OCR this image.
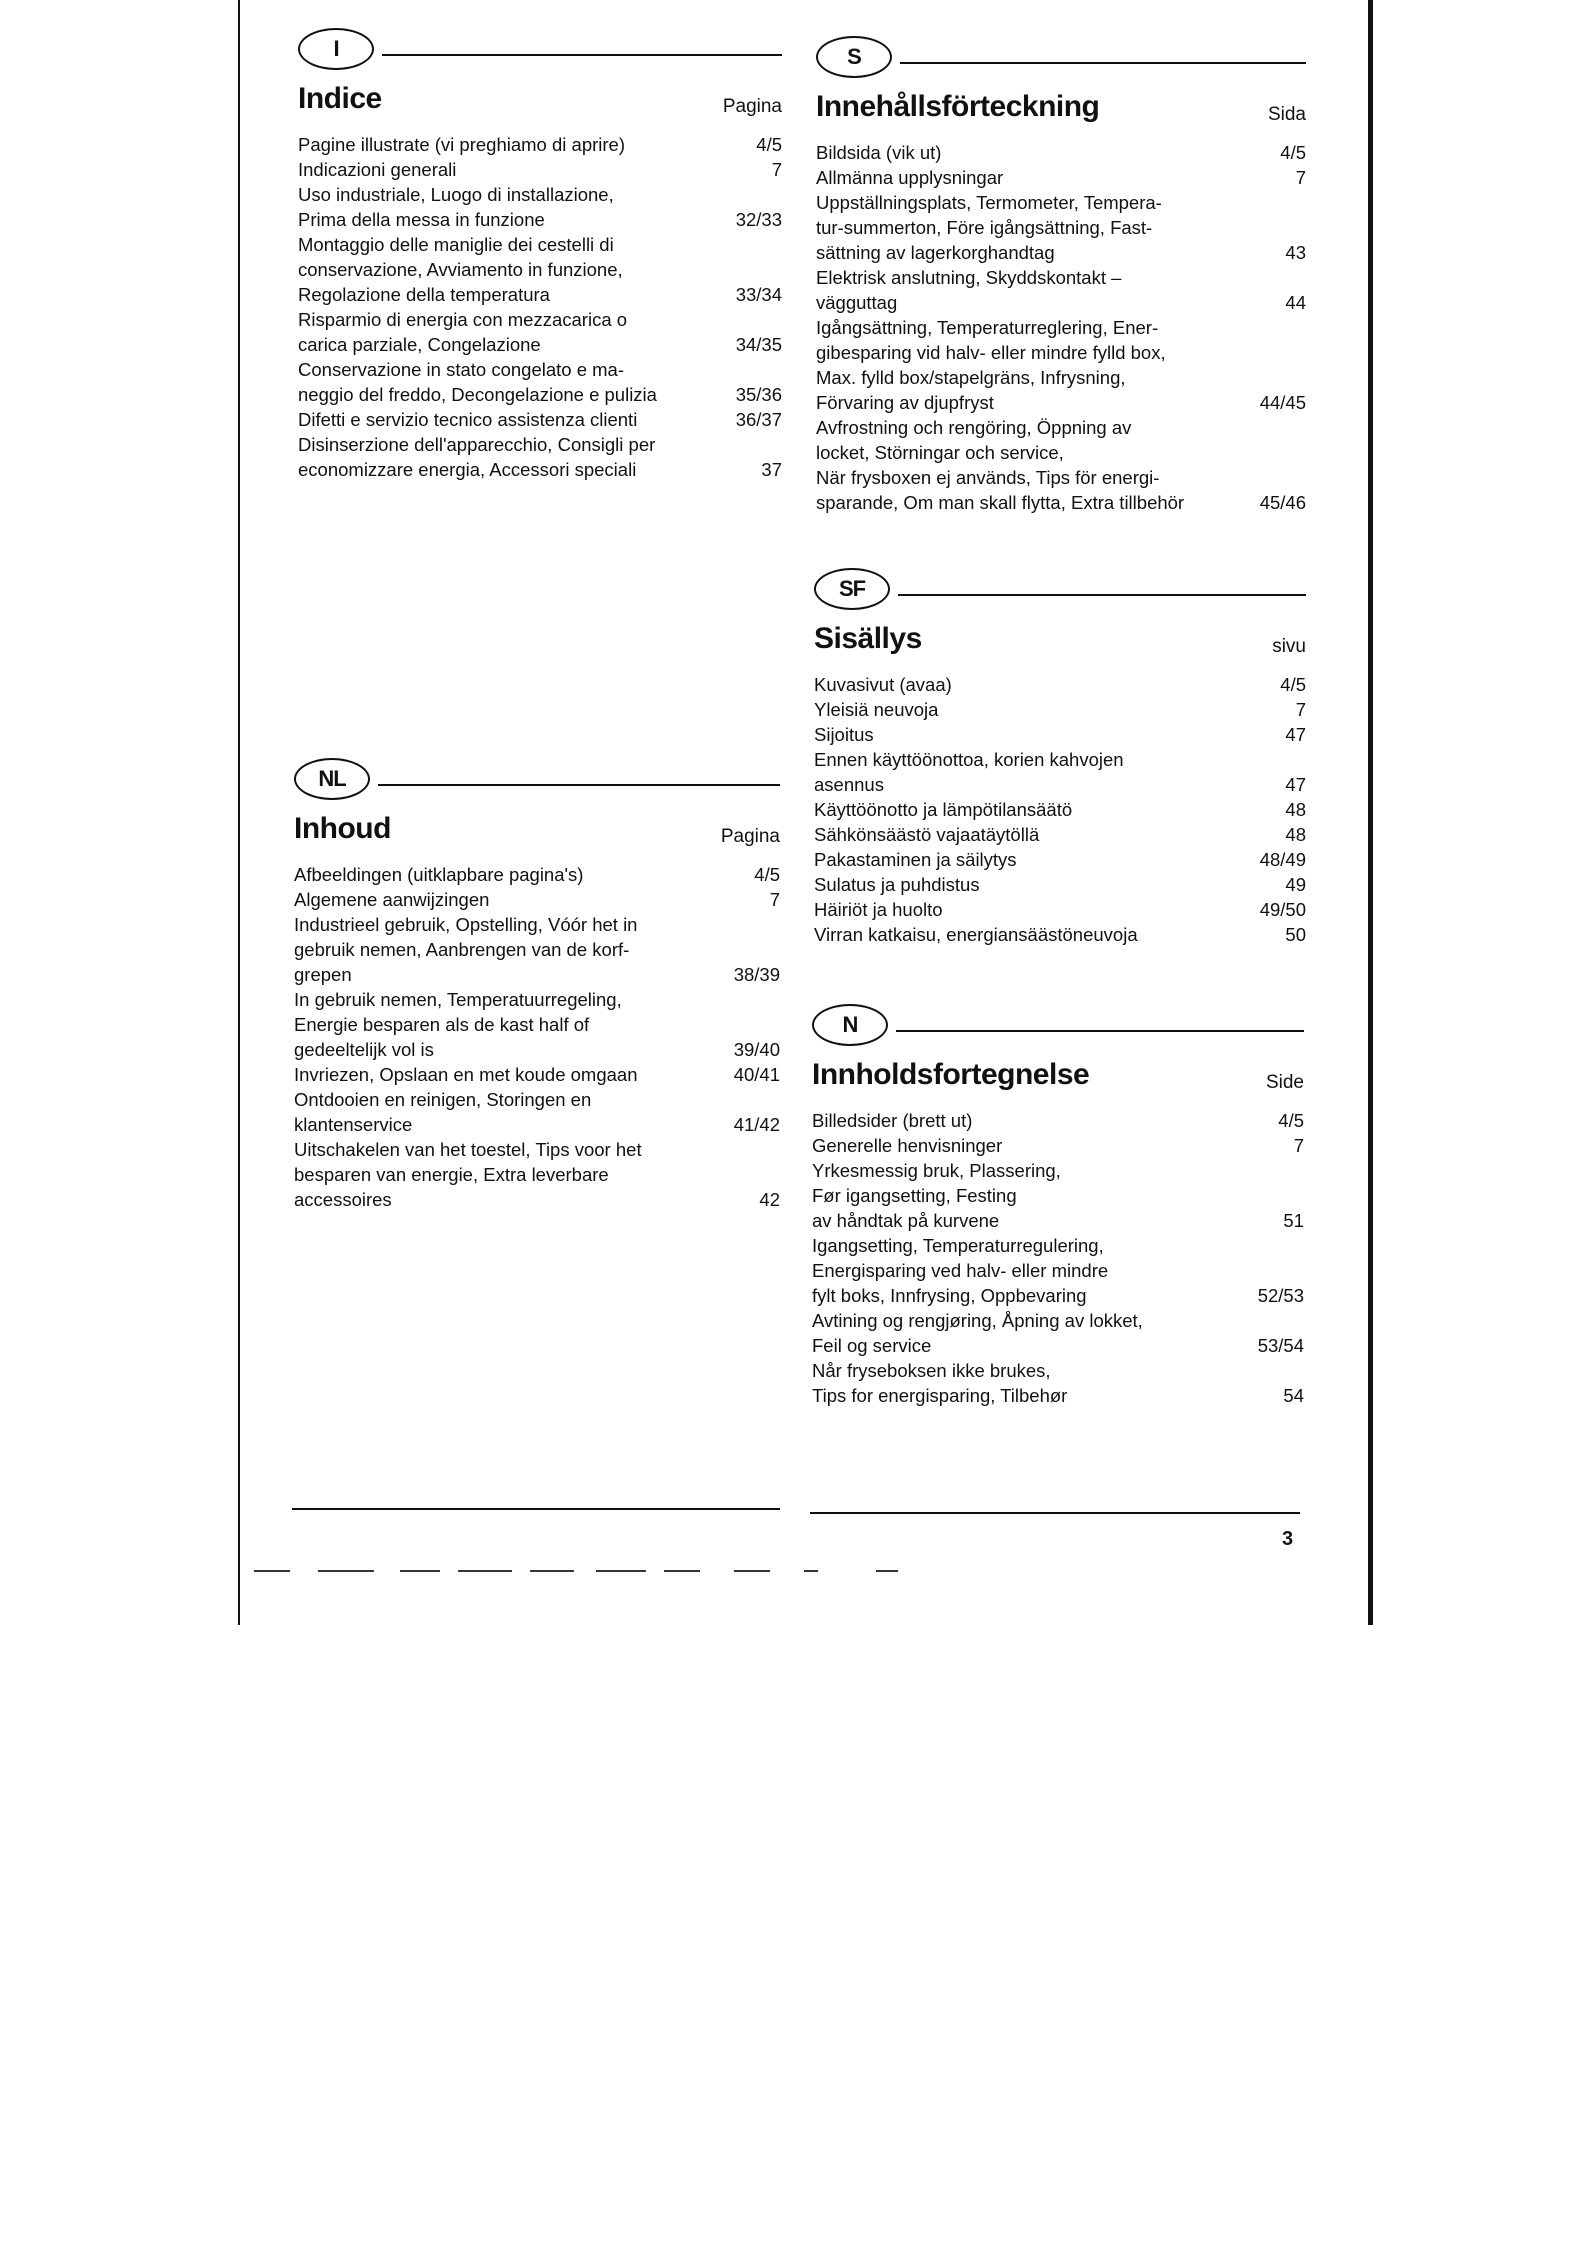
I
Indice	Pagina
Pagine illustrate (vi preghiamo di aprire)	4/5
Indicazioni generali	7
Uso industriale, Luogo di installazione,
Prima della messa in funzione	32/33
Montaggio delle maniglie dei cestelli di
conservazione, Avviamento in funzione,
Regolazione della temperatura	33/34
Risparmio di energia con mezzacarica o
carica parziale, Congelazione	34/35
Conservazione in stato congelato e ma-
neggio del freddo, Decongelazione e pulizia	35/36
Difetti e servizio tecnico assistenza clienti	36/37
Disinserzione dell'apparecchio, Consigli per
economizzare energia, Accessori speciali	37
S
Innehållsförteckning	Sida
Bildsida (vik ut)	4/5
Allmänna upplysningar	7
Uppställningsplats, Termometer, Tempera-
tur-summerton, Före igångsättning, Fast-
sättning av lagerkorghandtag	43
Elektrisk anslutning, Skyddskontakt –
vägguttag	44
Igångsättning, Temperaturreglering, Ener-
gibesparing vid halv- eller mindre fylld box,
Max. fylld box/stapelgräns, Infrysning,
Förvaring av djupfryst	44/45
Avfrostning och rengöring, Öppning av
locket, Störningar och service,
När frysboxen ej används, Tips för energi-
sparande, Om man skall flytta, Extra tillbehör	45/46
SF
Sisällys	sivu
Kuvasivut (avaa)	4/5
Yleisiä neuvoja	7
Sijoitus	47
Ennen käyttöönottoa, korien kahvojen
asennus	47
Käyttöönotto ja lämpötilansäätö	48
Sähkönsäästö vajaatäytöllä	48
Pakastaminen ja säilytys	48/49
Sulatus ja puhdistus	49
Häiriöt ja huolto	49/50
Virran katkaisu, energiansäästöneuvoja	50
NL
Inhoud	Pagina
Afbeeldingen (uitklapbare pagina's)	4/5
Algemene aanwijzingen	7
Industrieel gebruik, Opstelling, Vóór het in
gebruik nemen, Aanbrengen van de korf-
grepen	38/39
In gebruik nemen, Temperatuurregeling,
Energie besparen als de kast half of
gedeeltelijk vol is	39/40
Invriezen, Opslaan en met koude omgaan	40/41
Ontdooien en reinigen, Storingen en
klantenservice	41/42
Uitschakelen van het toestel, Tips voor het
besparen van energie, Extra leverbare
accessoires	42
N
Innholdsfortegnelse	Side
Billedsider (brett ut)	4/5
Generelle henvisninger	7
Yrkesmessig bruk, Plassering,
Før igangsetting, Festing
av håndtak på kurvene	51
Igangsetting, Temperaturregulering,
Energisparing ved halv- eller mindre
fylt boks, Innfrysing, Oppbevaring	52/53
Avtining og rengjøring, Åpning av lokket,
Feil og service	53/54
Når fryseboksen ikke brukes,
Tips for energisparing, Tilbehør	54
3
